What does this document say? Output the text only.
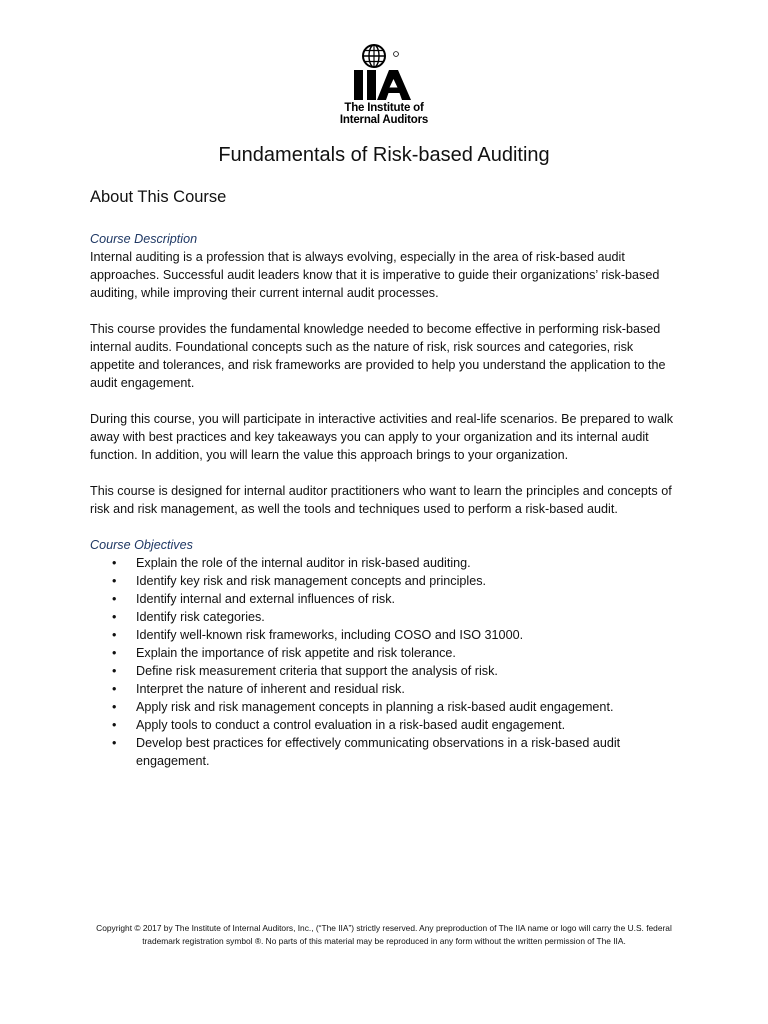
The Institute of
Internal Auditors
Fundamentals of Risk-based Auditing
About This Course

Course Description

Internal auditing is a profession that is always evolving, especially in the area of risk-based audit approaches. Successful audit leaders know that it is imperative to guide their organizations’ risk-based auditing, while improving their current internal audit processes.

This course provides the fundamental knowledge needed to become effective in performing risk-based internal audits. Foundational concepts such as the nature of risk, risk sources and categories, risk appetite and tolerances, and risk frameworks are provided to help you understand the application to the audit engagement.

During this course, you will participate in interactive activities and real-life scenarios. Be prepared to walk away with best practices and key takeaways you can apply to your organization and its internal audit function. In addition, you will learn the value this approach brings to your organization.

This course is designed for internal auditor practitioners who want to learn the principles and concepts of risk and risk management, as well the tools and techniques used to perform a risk-based audit.

Course Objectives

• Explain the role of the internal auditor in risk-based auditing.
• Identify key risk and risk management concepts and principles.
• Identify internal and external influences of risk.
• Identify risk categories.
• Identify well-known risk frameworks, including COSO and ISO 31000.
• Explain the importance of risk appetite and risk tolerance.
• Define risk measurement criteria that support the analysis of risk.
• Interpret the nature of inherent and residual risk.
• Apply risk and risk management concepts in planning a risk-based audit engagement.
• Apply tools to conduct a control evaluation in a risk-based audit engagement.
• Develop best practices for effectively communicating observations in a risk-based audit engagement.
Copyright © 2017 by The Institute of Internal Auditors, Inc., (“The IIA”) strictly reserved. Any preproduction of The IIA name or logo will carry the U.S. federal trademark registration symbol ®. No parts of this material may be reproduced in any form without the written permission of The IIA.
